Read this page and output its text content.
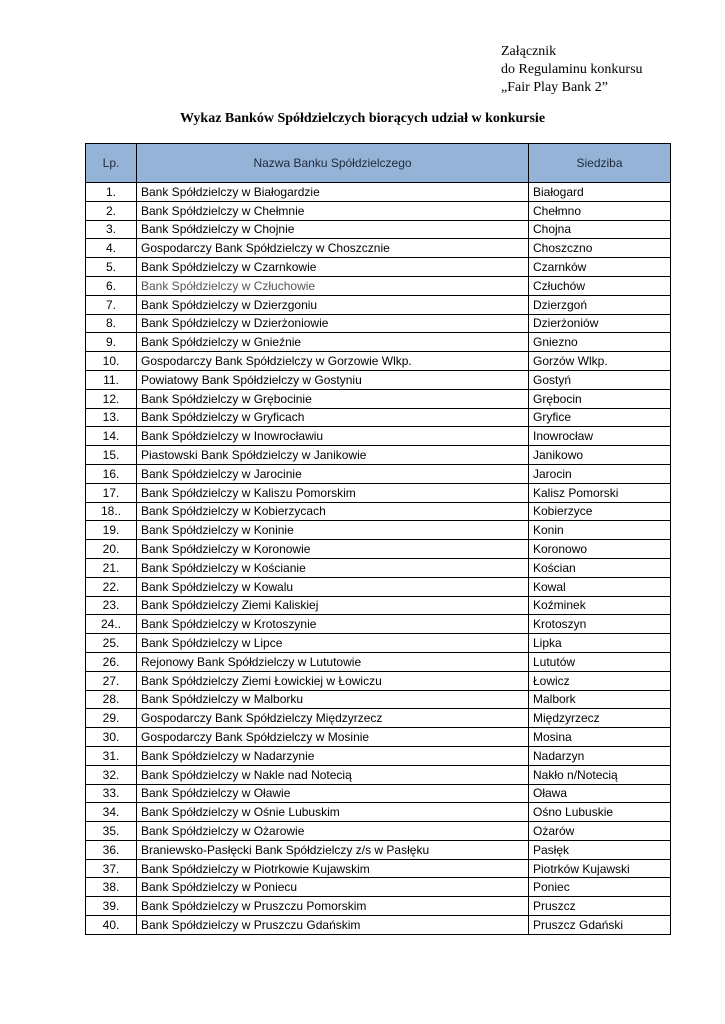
Załącznik
do Regulaminu konkursu
„Fair Play Bank 2”
Wykaz Banków Spółdzielczych biorących udział w konkursie
Lp.	Nazwa Banku Spółdzielczego	Siedziba
1.	Bank Spółdzielczy w Białogardzie	Białogard
2.	Bank Spółdzielczy w Chełmnie	Chełmno
3.	Bank Spółdzielczy w Chojnie	Chojna
4.	Gospodarczy Bank Spółdzielczy w Choszcznie	Choszczno
5.	Bank Spółdzielczy w Czarnkowie	Czarnków
6.	Bank Spółdzielczy w Człuchowie	Człuchów
7.	Bank Spółdzielczy w Dzierzgoniu	Dzierzgoń
8.	Bank Spółdzielczy w Dzierżoniowie	Dzierżoniów
9.	Bank Spółdzielczy w Gnieźnie	Gniezno
10.	Gospodarczy Bank Spółdzielczy w Gorzowie Wlkp.	Gorzów Wlkp.
11.	Powiatowy Bank Spółdzielczy w Gostyniu	Gostyń
12.	Bank Spółdzielczy w Grębocinie	Grębocin
13.	Bank Spółdzielczy w Gryficach	Gryfice
14.	Bank Spółdzielczy w Inowrocławiu	Inowrocław
15.	Piastowski Bank Spółdzielczy w Janikowie	Janikowo
16.	Bank Spółdzielczy w Jarocinie	Jarocin
17.	Bank Spółdzielczy w Kaliszu Pomorskim	Kalisz Pomorski
18..	Bank Spółdzielczy w Kobierzycach	Kobierzyce
19.	Bank Spółdzielczy w Koninie	Konin
20.	Bank Spółdzielczy w Koronowie	Koronowo
21.	Bank Spółdzielczy w Kościanie	Kościan
22.	Bank Spółdzielczy w Kowalu	Kowal
23.	Bank Spółdzielczy Ziemi Kaliskiej	Koźminek
24..	Bank Spółdzielczy w Krotoszynie	Krotoszyn
25.	Bank Spółdzielczy w Lipce	Lipka
26.	Rejonowy Bank Spółdzielczy w Lututowie	Lututów
27.	Bank Spółdzielczy Ziemi Łowickiej w Łowiczu	Łowicz
28.	Bank Spółdzielczy w Malborku	Malbork
29.	Gospodarczy Bank Spółdzielczy Międzyrzecz	Międzyrzecz
30.	Gospodarczy Bank Spółdzielczy w Mosinie	Mosina
31.	Bank Spółdzielczy w Nadarzynie	Nadarzyn
32.	Bank Spółdzielczy w Nakle nad Notecią	Nakło n/Notecią
33.	Bank Spółdzielczy w Oławie	Oława
34.	Bank Spółdzielczy w Ośnie Lubuskim	Ośno Lubuskie
35.	Bank Spółdzielczy w Ożarowie	Ożarów
36.	Braniewsko-Pasłęcki Bank Spółdzielczy z/s w Pasłęku	Pasłęk
37.	Bank Spółdzielczy w Piotrkowie Kujawskim	Piotrków Kujawski
38.	Bank Spółdzielczy w Poniecu	Poniec
39.	Bank Spółdzielczy w Pruszczu Pomorskim	Pruszcz
40.	Bank Spółdzielczy w Pruszczu Gdańskim	Pruszcz Gdański
